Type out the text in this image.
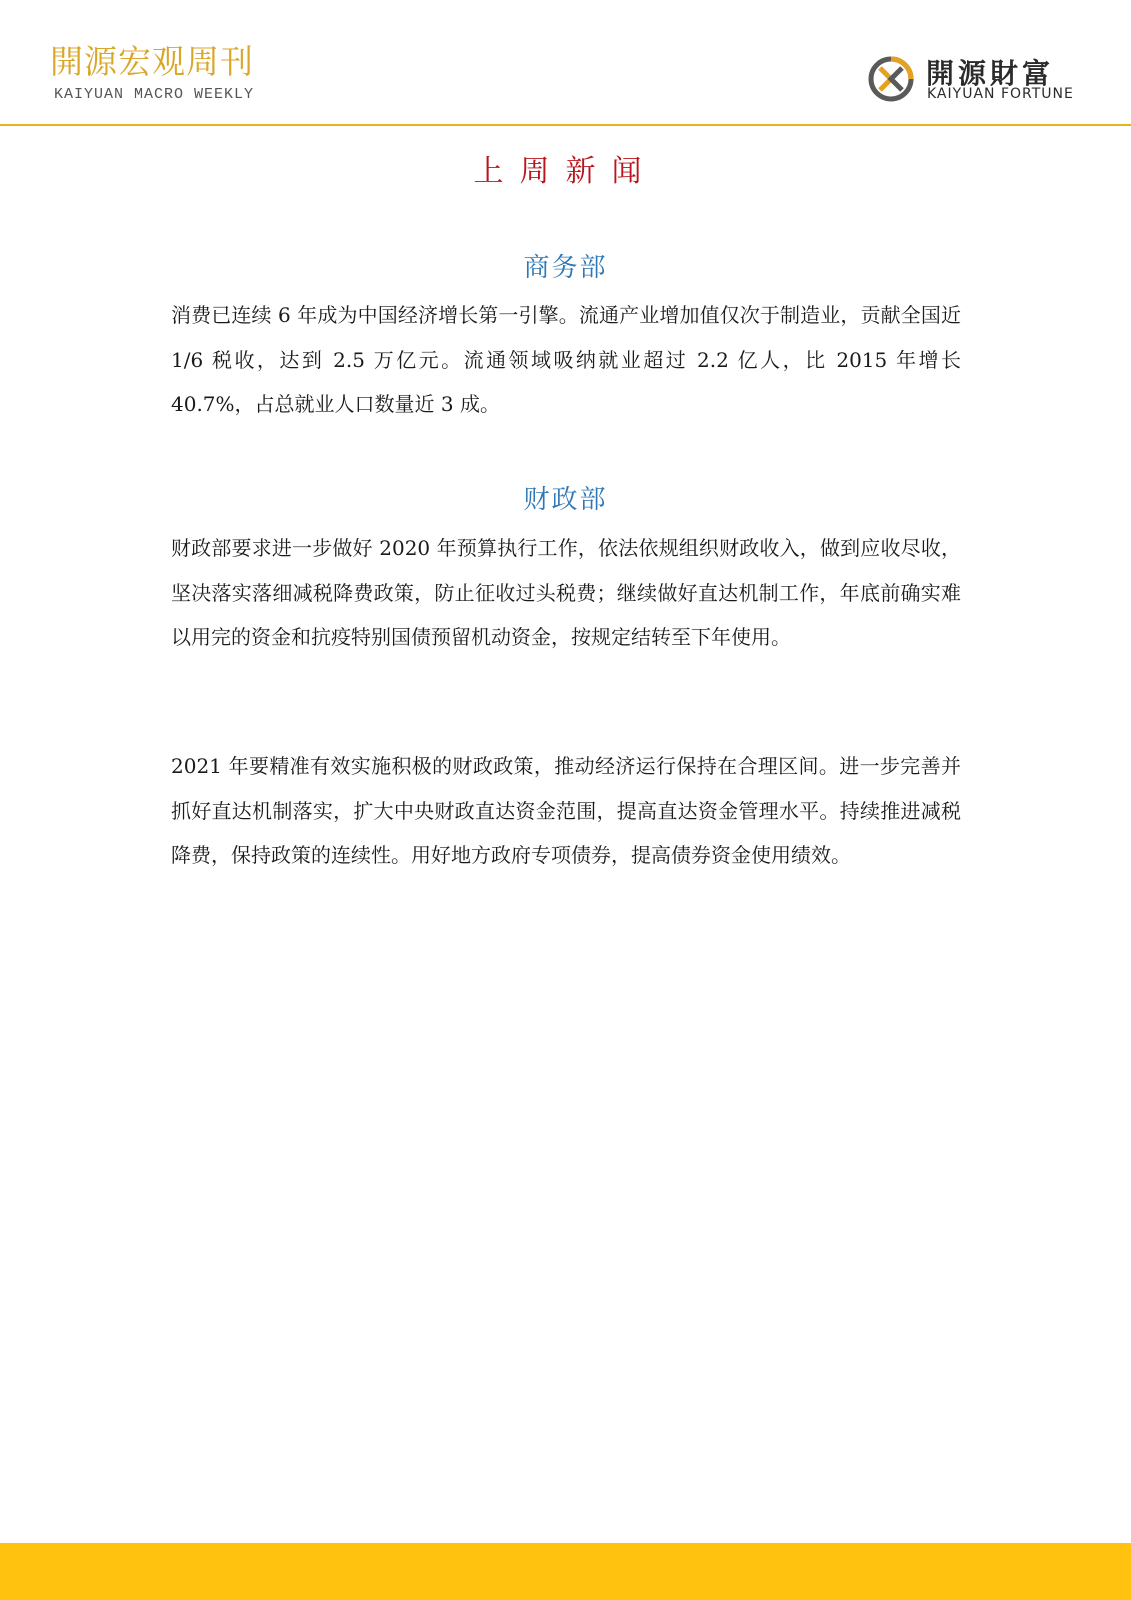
開源宏观周刊
KAIYUAN MACRO WEEKLY
開源財富
KAIYUAN FORTUNE
上周新闻
商务部
消费已连续 6 年成为中国经济增长第一引擎。流通产业增加值仅次于制造业，贡献全国近 1/6 税收，达到 2.5 万亿元。流通领域吸纳就业超过 2.2 亿人，比 2015 年增长 40.7%，占总就业人口数量近 3 成。
财政部
财政部要求进一步做好 2020 年预算执行工作，依法依规组织财政收入，做到应收尽收，坚决落实落细减税降费政策，防止征收过头税费；继续做好直达机制工作，年底前确实难以用完的资金和抗疫特别国债预留机动资金，按规定结转至下年使用。
2021 年要精准有效实施积极的财政政策，推动经济运行保持在合理区间。进一步完善并抓好直达机制落实，扩大中央财政直达资金范围，提高直达资金管理水平。持续推进减税降费，保持政策的连续性。用好地方政府专项债券，提高债券资金使用绩效。
